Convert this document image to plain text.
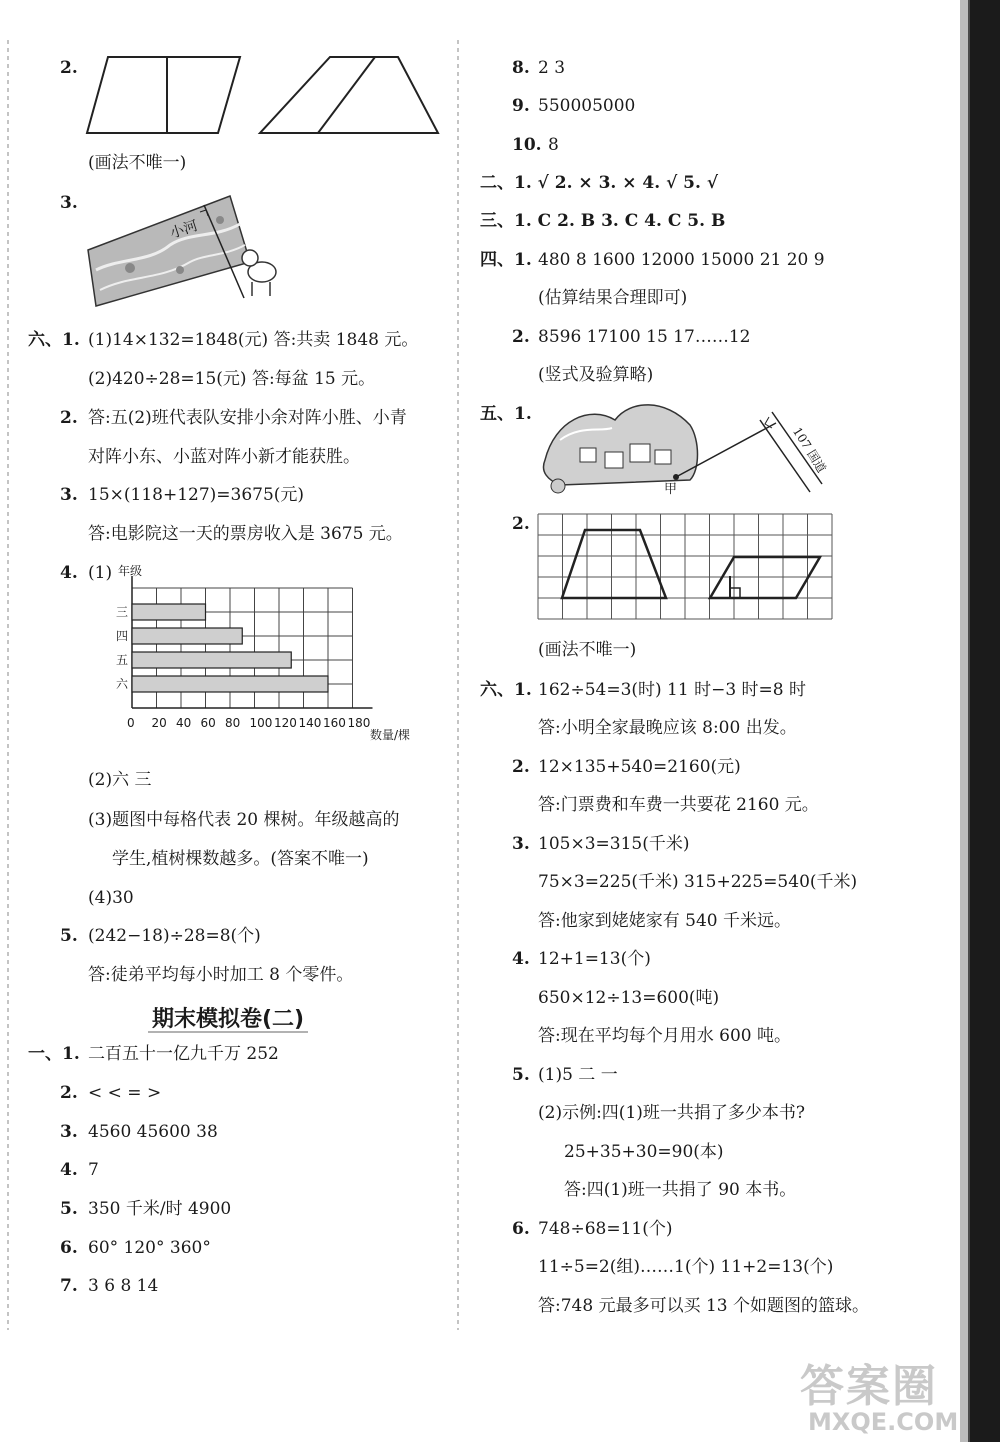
2.
(画法不唯一)
3.
小河
六、1. (1)14×132=1848(元) 答:共卖 1848 元。
(2)420÷28=15(元) 答:每盆 15 元。
2. 答:五(2)班代表队安排小余对阵小胜、小青
对阵小东、小蓝对阵小新才能获胜。
3. 15×(118+127)=3675(元)
答:电影院这一天的票房收入是 3675 元。
4. (1) 年级
数量/棵
三
四
五
六
0 20 40 60 80 100 120 140 160 180
(2)六 三
(3)题图中每格代表 20 棵树。年级越高的
学生,植树棵数越多。(答案不唯一)
(4)30
5. (242−18)÷28=8(个)
答:徒弟平均每小时加工 8 个零件。
期末模拟卷(二)
一、1. 二百五十一亿九千万 252
2. < < = >
3. 4560 45600 38
4. 7
5. 350 千米/时 4900
6. 60° 120° 360°
7. 3 6 8 14
8. 2 3
9. 550005000
10. 8
二、1. √ 2. × 3. × 4. √ 5. √
三、1. C 2. B 3. C 4. C 5. B
四、1. 480 8 1600 12000 15000 21 20 9
(估算结果合理即可)
2. 8596 17100 15 17……12
(竖式及验算略)
五、1.
107 国道
甲
2.
(画法不唯一)
六、1. 162÷54=3(时) 11 时−3 时=8 时
答:小明全家最晚应该 8:00 出发。
2. 12×135+540=2160(元)
答:门票费和车费一共要花 2160 元。
3. 105×3=315(千米)
75×3=225(千米) 315+225=540(千米)
答:他家到姥姥家有 540 千米远。
4. 12+1=13(个)
650×12÷13=600(吨)
答:现在平均每个月用水 600 吨。
5. (1)5 二 一
(2)示例:四(1)班一共捐了多少本书?
25+35+30=90(本)
答:四(1)班一共捐了 90 本书。
6. 748÷68=11(个)
11÷5=2(组)……1(个) 11+2=13(个)
答:748 元最多可以买 13 个如题图的篮球。
答案圈
MXQE.COM
